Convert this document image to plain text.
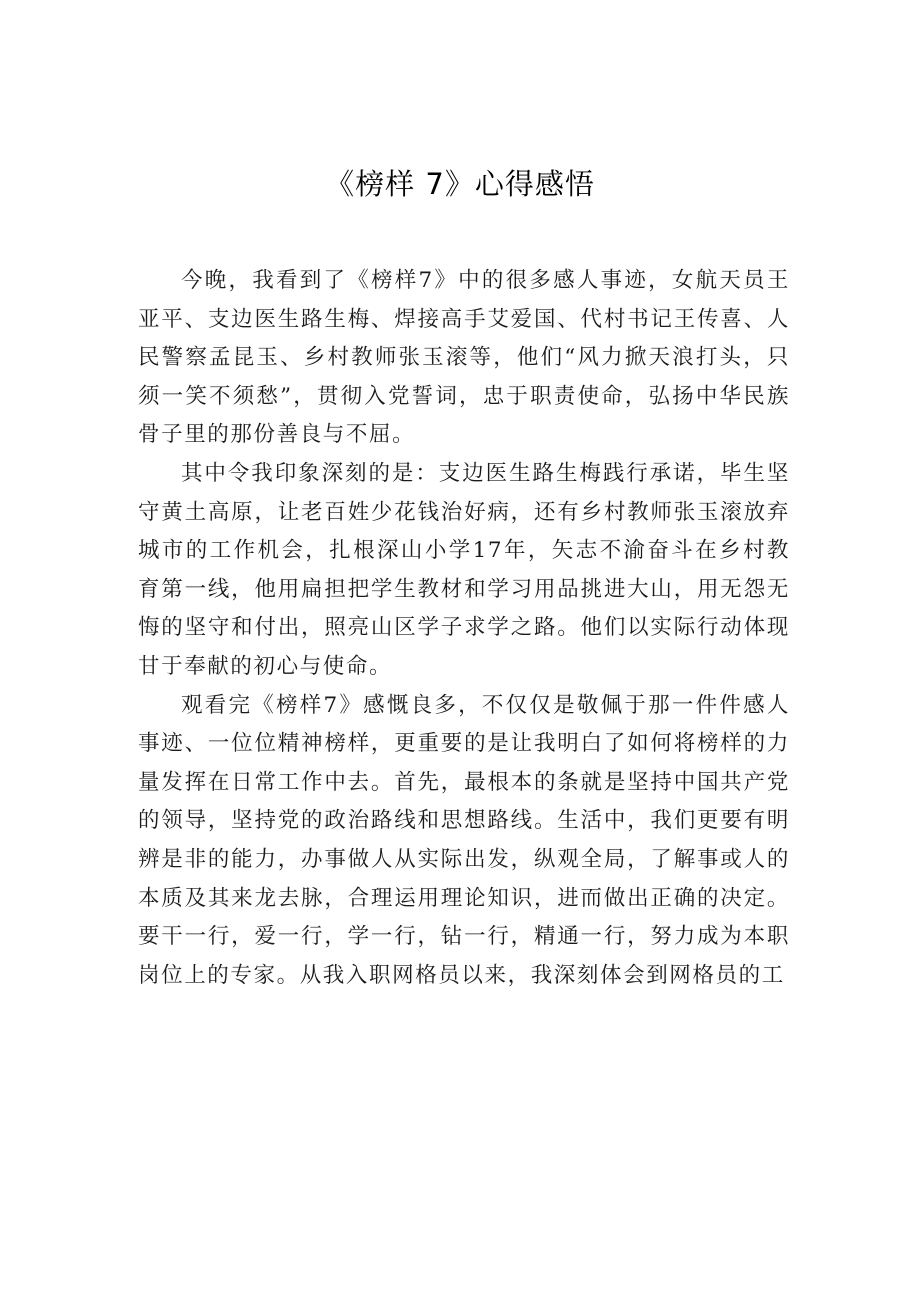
《榜样 7》心得感悟

今晚，我看到了《榜样7》中的很多感人事迹，女航天员王亚平、支边医生路生梅、焊接高手艾爱国、代村书记王传喜、人民警察孟昆玉、乡村教师张玉滚等，他们“风力掀天浪打头，只须一笑不须愁”，贯彻入党誓词，忠于职责使命，弘扬中华民族骨子里的那份善良与不屈。

其中令我印象深刻的是：支边医生路生梅践行承诺，毕生坚守黄土高原，让老百姓少花钱治好病，还有乡村教师张玉滚放弃城市的工作机会，扎根深山小学17年，矢志不渝奋斗在乡村教育第一线，他用扁担把学生教材和学习用品挑进大山，用无怨无悔的坚守和付出，照亮山区学子求学之路。他们以实际行动体现甘于奉献的初心与使命。

观看完《榜样7》感慨良多，不仅仅是敬佩于那一件件感人事迹、一位位精神榜样，更重要的是让我明白了如何将榜样的力量发挥在日常工作中去。首先，最根本的条就是坚持中国共产党的领导，坚持党的政治路线和思想路线。生活中，我们更要有明辨是非的能力，办事做人从实际出发，纵观全局，了解事或人的本质及其来龙去脉，合理运用理论知识，进而做出正确的决定。要干一行，爱一行，学一行，钻一行，精通一行，努力成为本职岗位上的专家。从我入职网格员以来，我深刻体会到网格员的工
